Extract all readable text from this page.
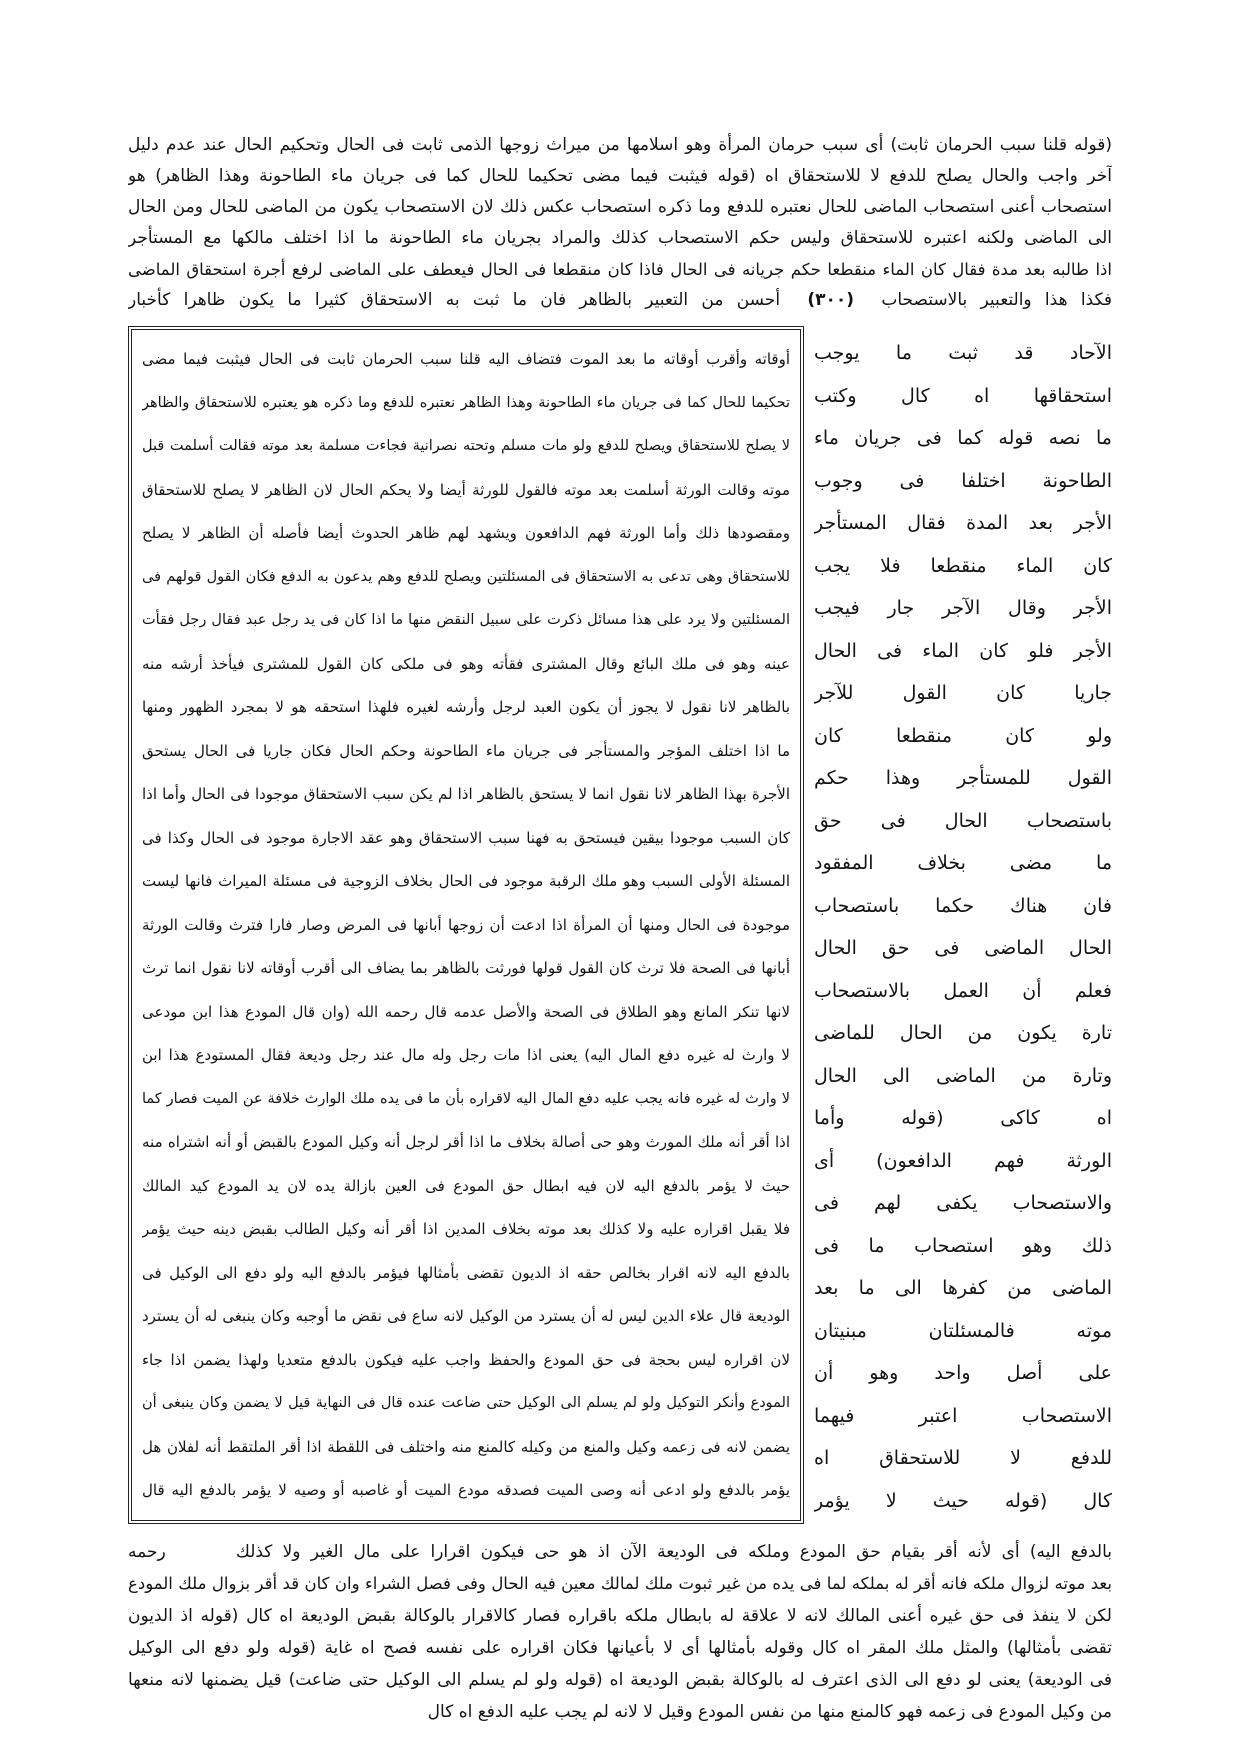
(قوله قلنا سبب الحرمان ثابت) أى سبب حرمان المرأة وهو اسلامها من ميراث زوجها الذمى ثابت فى الحال وتحكيم الحال عند عدم دليل
آخر واجب والحال يصلح للدفع لا للاستحقاق اه (قوله فيثبت فيما مضى تحكيما للحال كما فى جريان ماء الطاحونة وهذا الظاهر) هو
استصحاب أعنى استصحاب الماضى للحال نعتبره للدفع وما ذكره استصحاب عكس ذلك لان الاستصحاب يكون من الماضى للحال ومن الحال
الى الماضى ولكنه اعتبره للاستحقاق وليس حكم الاستصحاب كذلك والمراد بجريان ماء الطاحونة ما اذا اختلف مالكها مع المستأجر
اذا طالبه بعد مدة فقال كان الماء منقطعا حكم جريانه فى الحال فاذا كان منقطعا فى الحال فيعطف على الماضى لرفع أجرة استحقاق الماضى
فكذا هذا والتعبير بالاستصحاب (٣٠٠) أحسن من التعبير بالظاهر فان ما ثبت به الاستحقاق كثيرا ما يكون ظاهرا كأخبار
أوقاته وأقرب أوقاته ما بعد الموت فتضاف اليه قلنا سبب الحرمان ثابت فى الحال فيثبت فيما مضى
تحكيما للحال كما فى جريان ماء الطاحونة وهذا الظاهر نعتبره للدفع وما ذكره هو يعتبره للاستحقاق والظاهر
لا يصلح للاستحقاق ويصلح للدفع ولو مات مسلم وتحته نصرانية فجاءت مسلمة بعد موته فقالت أسلمت قبل
موته وقالت الورثة أسلمت بعد موته فالقول للورثة أيضا ولا يحكم الحال لان الظاهر لا يصلح للاستحقاق
ومقصودها ذلك وأما الورثة فهم الدافعون ويشهد لهم ظاهر الحدوث أيضا فأصله أن الظاهر لا يصلح
للاستحقاق وهى تدعى به الاستحقاق فى المسئلتين ويصلح للدفع وهم يدعون به الدفع فكان القول قولهم فى
المسئلتين ولا يرد على هذا مسائل ذكرت على سبيل النقض منها ما اذا كان فى يد رجل عبد فقال رجل فقأت
عينه وهو فى ملك البائع وقال المشترى فقأته وهو فى ملكى كان القول للمشترى فيأخذ أرشه منه
بالظاهر لانا نقول لا يجوز أن يكون العبد لرجل وأرشه لغيره فلهذا استحقه هو لا بمجرد الظهور ومنها
ما اذا اختلف المؤجر والمستأجر فى جريان ماء الطاحونة وحكم الحال فكان جاريا فى الحال يستحق
الأجرة بهذا الظاهر لانا نقول انما لا يستحق بالظاهر اذا لم يكن سبب الاستحقاق موجودا فى الحال وأما اذا
كان السبب موجودا بيقين فيستحق به فهنا سبب الاستحقاق وهو عقد الاجارة موجود فى الحال وكذا فى
المسئلة الأولى السبب وهو ملك الرقبة موجود فى الحال بخلاف الزوجية فى مسئلة الميراث فانها ليست
موجودة فى الحال ومنها أن المرأة اذا ادعت أن زوجها أبانها فى المرض وصار فارا فترث وقالت الورثة
أبانها فى الصحة فلا ترث كان القول قولها فورثت بالظاهر بما يضاف الى أقرب أوقاته لانا نقول انما ترث
لانها تنكر المانع وهو الطلاق فى الصحة والأصل عدمه قال رحمه الله (وان قال المودع هذا ابن مودعى
لا وارث له غيره دفع المال اليه) يعنى اذا مات رجل وله مال عند رجل وديعة فقال المستودع هذا ابن
لا وارث له غيره فانه يجب عليه دفع المال اليه لاقراره بأن ما فى يده ملك الوارث خلافة عن الميت فصار كما
اذا أقر أنه ملك المورث وهو حى أصالة بخلاف ما اذا أقر لرجل أنه وكيل المودع بالقبض أو أنه اشتراه منه
حيث لا يؤمر بالدفع اليه لان فيه ابطال حق المودع فى العين بازالة يده لان يد المودع كيد المالك
فلا يقبل اقراره عليه ولا كذلك بعد موته بخلاف المدين اذا أقر أنه وكيل الطالب بقبض دينه حيث يؤمر
بالدفع اليه لانه اقرار بخالص حقه اذ الديون تقضى بأمثالها فيؤمر بالدفع اليه ولو دفع الى الوكيل فى
الوديعة قال علاء الدين ليس له أن يسترد من الوكيل لانه ساع فى نقض ما أوجبه وكان ينبغى له أن يسترد
لان اقراره ليس بحجة فى حق المودع والحفظ واجب عليه فيكون بالدفع متعديا ولهذا يضمن اذا جاء
المودع وأنكر التوكيل ولو لم يسلم الى الوكيل حتى ضاعت عنده قال فى النهاية قيل لا يضمن وكان ينبغى أن
يضمن لانه فى زعمه وكيل والمنع من وكيله كالمنع منه واختلف فى اللقطة اذا أقر الملتقط أنه لفلان هل
يؤمر بالدفع ولو ادعى أنه وصى الميت فصدقه مودع الميت أو غاصبه أو وصيه لا يؤمر بالدفع اليه قال
الآحاد قد ثبت ما يوجب
استحقاقها اه كال وكتب
ما نصه قوله كما فى جريان ماء
الطاحونة اختلفا فى وجوب
الأجر بعد المدة فقال المستأجر
كان الماء منقطعا فلا يجب
الأجر وقال الآجر جار فيجب
الأجر فلو كان الماء فى الحال
جاريا كان القول للآجر
ولو كان منقطعا كان
القول للمستأجر وهذا حكم
باستصحاب الحال فى حق
ما مضى بخلاف المفقود
فان هناك حكما باستصحاب
الحال الماضى فى حق الحال
فعلم أن العمل بالاستصحاب
تارة يكون من الحال للماضى
وتارة من الماضى الى الحال
اه كاكى (قوله وأما
الورثة فهم الدافعون) أى
والاستصحاب يكفى لهم فى
ذلك وهو استصحاب ما فى
الماضى من كفرها الى ما بعد
موته فالمسئلتان مبنيتان
على أصل واحد وهو أن
الاستصحاب اعتبر فيهما
للدفع لا للاستحقاق اه
كال (قوله حيث لا يؤمر
بالدفع اليه) أى لأنه أقر بقيام حق المودع وملكه فى الوديعة الآن اذ هو حى فيكون اقرارا على مال الغير ولا كذلك رحمه
بعد موته لزوال ملكه فانه أقر له بملكه لما فى يده من غير ثبوت ملك لمالك معين فيه الحال وفى فصل الشراء وان كان قد أقر بزوال ملك المودع
لكن لا ينفذ فى حق غيره أعنى المالك لانه لا علاقة له بابطال ملكه باقراره فصار كالاقرار بالوكالة بقبض الوديعة اه كال (قوله اذ الديون
تقضى بأمثالها) والمثل ملك المقر اه كال وقوله بأمثالها أى لا بأعيانها فكان اقراره على نفسه فصح اه غاية (قوله ولو دفع الى الوكيل
فى الوديعة) يعنى لو دفع الى الذى اعترف له بالوكالة بقبض الوديعة اه (قوله ولو لم يسلم الى الوكيل حتى ضاعت) قيل يضمنها لانه منعها
من وكيل المودع فى زعمه فهو كالمنع منها من نفس المودع وقيل لا لانه لم يجب عليه الدفع اه كال
